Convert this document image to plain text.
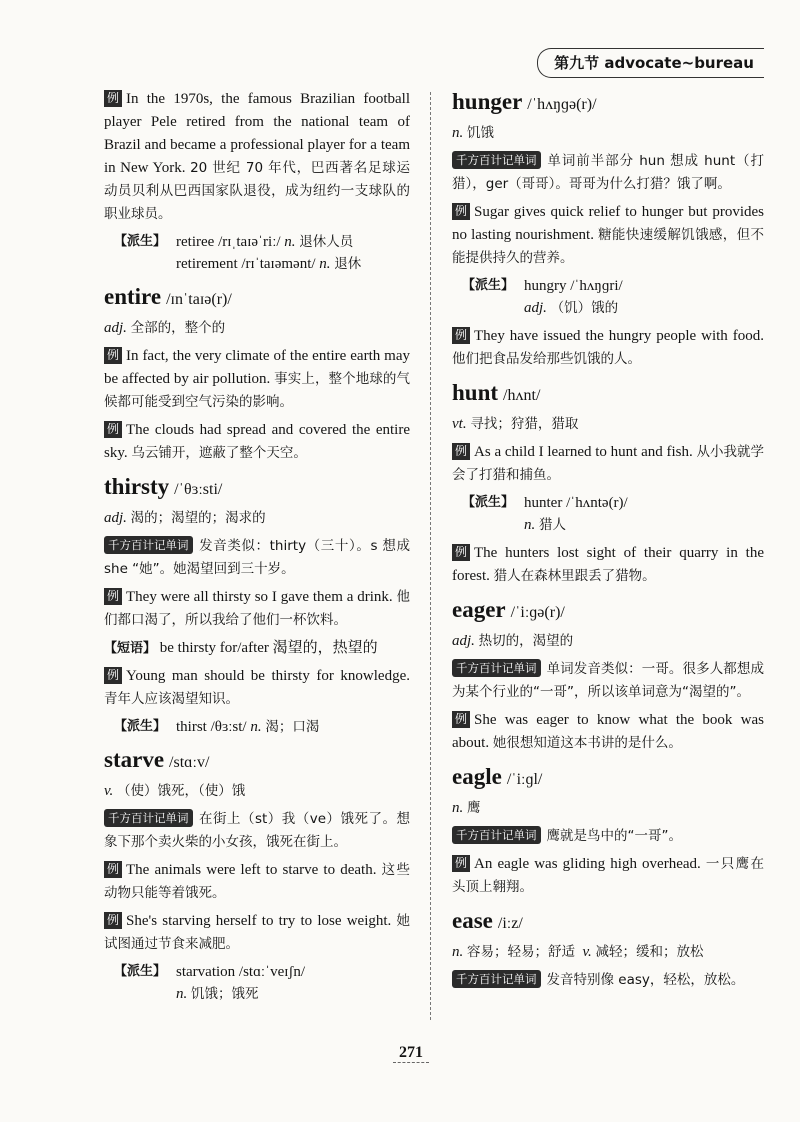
第九节 advocate~bureau

例 In the 1970s, the famous Brazilian football player Pele retired from the national team of Brazil and became a professional player for a team in New York. 20 世纪 70 年代，巴西著名足球运动员贝利从巴西国家队退役，成为纽约一支球队的职业球员。

【派生】 retiree /rɪˌtaɪəˈriː/ n. 退休人员
retirement /rɪˈtaɪəmənt/ n. 退休
entire /ɪnˈtaɪə(r)/

adj. 全部的，整个的

例 In fact, the very climate of the entire earth may be affected by air pollution. 事实上，整个地球的气候都可能受到空气污染的影响。

例 The clouds had spread and covered the entire sky. 乌云铺开，遮蔽了整个天空。

thirsty /ˈθɜːsti/

adj. 渴的；渴望的；渴求的

千方百计记单词 发音类似：thirty（三十）。s 想成 she “她”。她渴望回到三十岁。

例 They were all thirsty so I gave them a drink. 他们都口渴了，所以我给了他们一杯饮料。

【短语】 be thirsty for/after 渴望的，热望的

例 Young man should be thirsty for knowledge. 青年人应该渴望知识。

【派生】 thirst /θɜːst/ n. 渴；口渴
starve /stɑːv/

v. （使）饿死，（使）饿

千方百计记单词 在街上（st）我（ve）饿死了。想象下那个卖火柴的小女孩，饿死在街上。

例 The animals were left to starve to death. 这些动物只能等着饿死。

例 She's starving herself to try to lose weight. 她试图通过节食来减肥。

【派生】 starvation /stɑːˈveɪʃn/
n. 饥饿；饿死
hunger /ˈhʌŋɡə(r)/

n. 饥饿

千方百计记单词 单词前半部分 hun 想成 hunt（打猎），ger（哥哥）。哥哥为什么打猎？饿了啊。

例 Sugar gives quick relief to hunger but provides no lasting nourishment. 糖能快速缓解饥饿感，但不能提供持久的营养。

【派生】 hungry /ˈhʌŋɡri/
adj. （饥）饿的

例 They have issued the hungry people with food. 他们把食品发给那些饥饿的人。

hunt /hʌnt/

vt. 寻找；狩猎，猎取

例 As a child I learned to hunt and fish. 从小我就学会了打猎和捕鱼。

【派生】 hunter /ˈhʌntə(r)/
n. 猎人

例 The hunters lost sight of their quarry in the forest. 猎人在森林里跟丢了猎物。

eager /ˈiːɡə(r)/

adj. 热切的，渴望的

千方百计记单词 单词发音类似：一哥。很多人都想成为某个行业的“一哥”，所以该单词意为“渴望的”。

例 She was eager to know what the book was about. 她很想知道这本书讲的是什么。

eagle /ˈiːɡl/

n. 鹰

千方百计记单词 鹰就是鸟中的“一哥”。

例 An eagle was gliding high overhead. 一只鹰在头顶上翱翔。

ease /iːz/

n. 容易；轻易；舒适 v. 减轻；缓和；放松

千方百计记单词 发音特别像 easy，轻松，放松。

271
